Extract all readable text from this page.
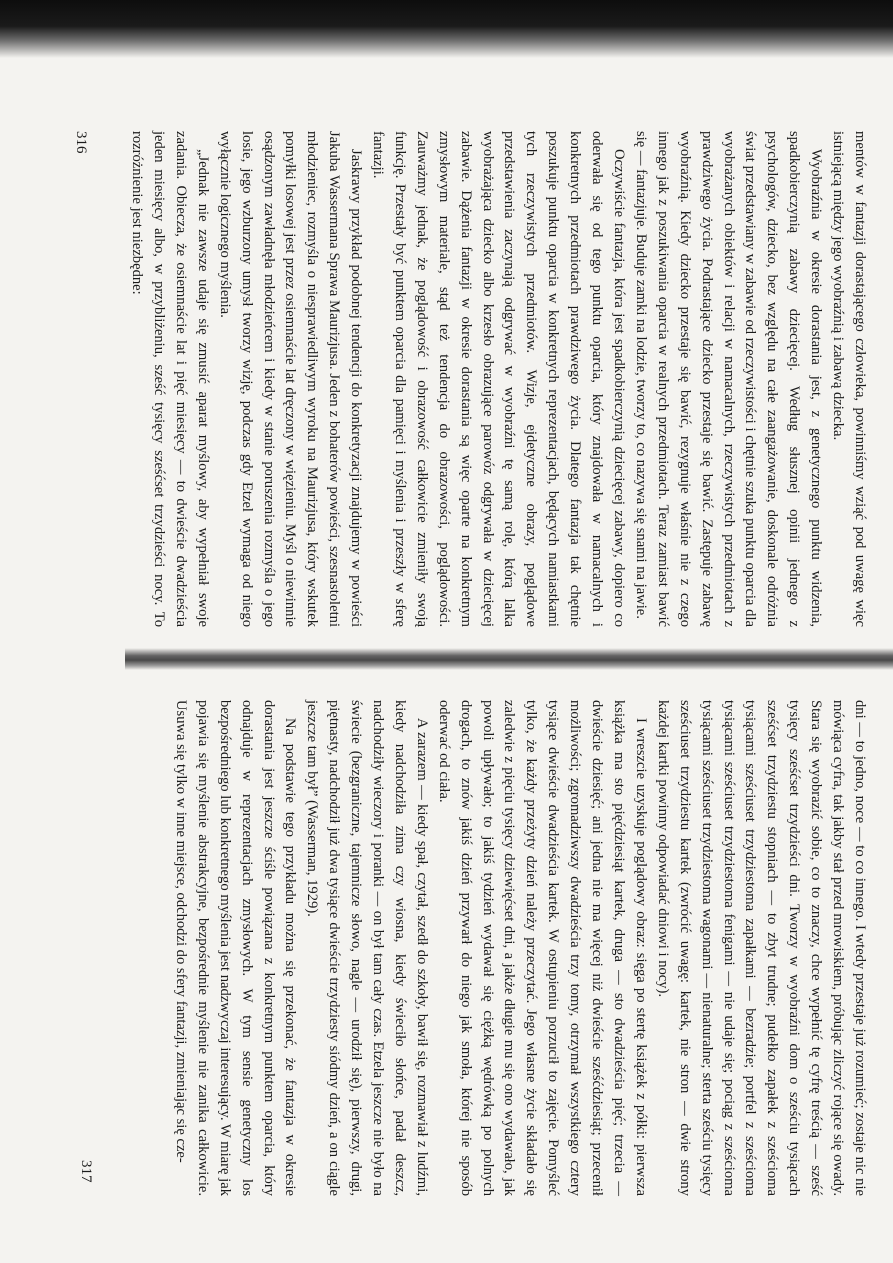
mentów w fantazji dorastającego człowieka, powinniśmy wziąć pod uwagę więc istniejącą między jego wyobraźnią i zabawą dziecka.

Wyobraźnia w okresie dorastania jest, z genetycznego punktu widzenia, spadkobierczynią zabawy dziecięcej. Według słusznej opinii jednego z psychologów, dziecko, bez względu na całe zaangażowanie, doskonale odróżnia świat przedstawiany w zabawie od rzeczywistości i chętnie szuka punktu oparcia dla wyobrażanych obiektów i relacji w namacalnych, rzeczywistych przedmiotach z prawdziwego życia. Podrastające dziecko przestaje się bawić. Zastępuje zabawę wyobraźnią. Kiedy dziecko przestaje się bawić, rezygnuje właśnie nie z czego innego jak z poszukiwania oparcia w realnych przedmiotach. Teraz zamiast bawić się — fantazjuje. Buduje zamki na lodzie, tworzy to, co nazywa się snami na jawie.

Oczywiście fantazja, która jest spadkobierczynią dziecięcej zabawy, dopiero co oderwała się od tego punktu oparcia, który znajdowała w namacalnych i konkretnych przedmiotach prawdziwego życia. Dlatego fantazja tak chętnie poszukuje punktu oparcia w konkretnych reprezentacjach, będących namiastkami tych rzeczywistych przedmiotów. Wizje, ejdetyczne obrazy, poglądowe przedstawienia zaczynają odgrywać w wyobraźni tę samą rolę, którą lalka wyobrażająca dziecko albo krzesło obrazujące parowóz odgrywała w dziecięcej zabawie. Dążenia fantazji w okresie dorastania są więc oparte na konkretnym zmysłowym materiale, stąd też tendencja do obrazowości, poglądowości. Zauważmy jednak, że poglądowość i obrazowość całkowicie zmieniły swoją funkcję. Przestały być punktem oparcia dla pamięci i myślenia i przeszły w sferę fantazji.

Jaskrawy przykład podobnej tendencji do konkretyzacji znajdujemy w powieści Jakuba Wassermana Sprawa Maurizjusa. Jeden z bohaterów powieści, szesnastoletni młodzieniec, rozmyśla o niesprawiedliwym wyroku na Maurizjusa, który wskutek pomyłki losowej jest przez osiemnaście lat dręczony w więzieniu. Myśl o niewinnie osądzonym zawładnęła młodzieńcem i kiedy w stanie poruszenia rozmyśla o jego losie, jego wzburzony umysł tworzy wizję, podczas gdy Etzel wymaga od niego wyłącznie logicznego myślenia.

„Jednak nie zawsze udaje się zmusić aparat myślowy, aby wypełniał swoje zadania. Obiecza, że osiemnaście lat i pięć miesięcy — to dwieście dwadzieścia jeden miesięcy albo, w przybliżeniu, sześć tysięcy sześćset trzydzieści nocy. To rozróżnienie jest niezbędne:

dni — to jedno, noce — to co innego. I wtedy przestaje już rozumieć; zostaje nic nie mówiąca cyfra, tak jakby stał przed mrowiskiem, próbując zliczyć rojące się owady. Stara się wyobrazić sobie, co to znaczy, chce wypełnić tę cyfrę treścią — sześć tysięcy sześćset trzydzieści dni. Tworzy w wyobraźni dom o sześciu tysiącach sześćset trzydziestu stopniach — to zbyt trudne; pudełko zapałek z sześcioma tysiącami sześciuset trzydziestoma zapałkami — bezradzie; portfel z sześcioma tysiącami sześciuset trzydziestoma fenigami — nie udaje się; pociąg z sześcioma tysiącami sześciuset trzydziestoma wagonami — nienaturalne; sterta sześciu tysięcy sześciuset trzydziestu kartek (zwrócić uwagę: kartek, nie stron — dwie strony każdej kartki powinny odpowiadać dniowi i nocy).

I wreszcie uzyskuje poglądowy obraz: sięga po stertę książek z półki: pierwsza książka ma sto pięćdziesiąt kartek, druga — sto dwadzieścia pięć; trzecia — dwieście dziesięć; ani jedna nie ma więcej niż dwieście sześćdziesiąt; przecenił możliwości; zgromadziwszy dwadzieścia trzy tomy, otrzymał wszystkiego cztery tysiące dwieście dwadzieścia kartek. W ostupieniu porzucił to zajęcie. Pomyśleć tylko, że każdy przeżyty dzień należy przeczytać. Jego własne życie składało się zaledwie z pięciu tysięcy dziewięćset dni, a jakże długie mu się ono wydawało, jak powoli upływało; to jakiś tydzień wydawał się ciężką wędrówką po polnych drogach, to znów jakiś dzień przywarł do niego jak smoła, której nie sposób oderwać od ciała.

A zarazem — kiedy spał, czytał, szedł do szkoły, bawił się, rozmawiał z ludźmi, kiedy nadchodziła zima czy wiosna, kiedy świeciło słońce, padał deszcz, nadchodziły wieczory i poranki — on był tam cały czas. Etzela jeszcze nie było na świecie (bezgraniczne, tajemnicze słowo, nagle — urodził się), pierwszy, drugi, piętnasty, nadchodził już dwa tysiące dwieście trzydziesty siódmy dzień, a on ciągle jeszcze tam był” (Wasserman, 1929).

Na podstawie tego przykładu można się przekonać, że fantazja w okresie dorastania jest jeszcze ściśle powiązana z konkretnym punktem oparcia, który odnajduje w reprezentacjach zmysłowych. W tym sensie genetyczny los bezpośredniego lub konkretnego myślenia jest nadzwyczaj interesujący. W miarę jak pojawia się myślenie abstrakcyjne, bezpośrednie myślenie nie zanika całkowicie. Usuwa się tylko w inne miejsce, odchodzi do sfery fantazji, zmieniając się cze-

316
317
